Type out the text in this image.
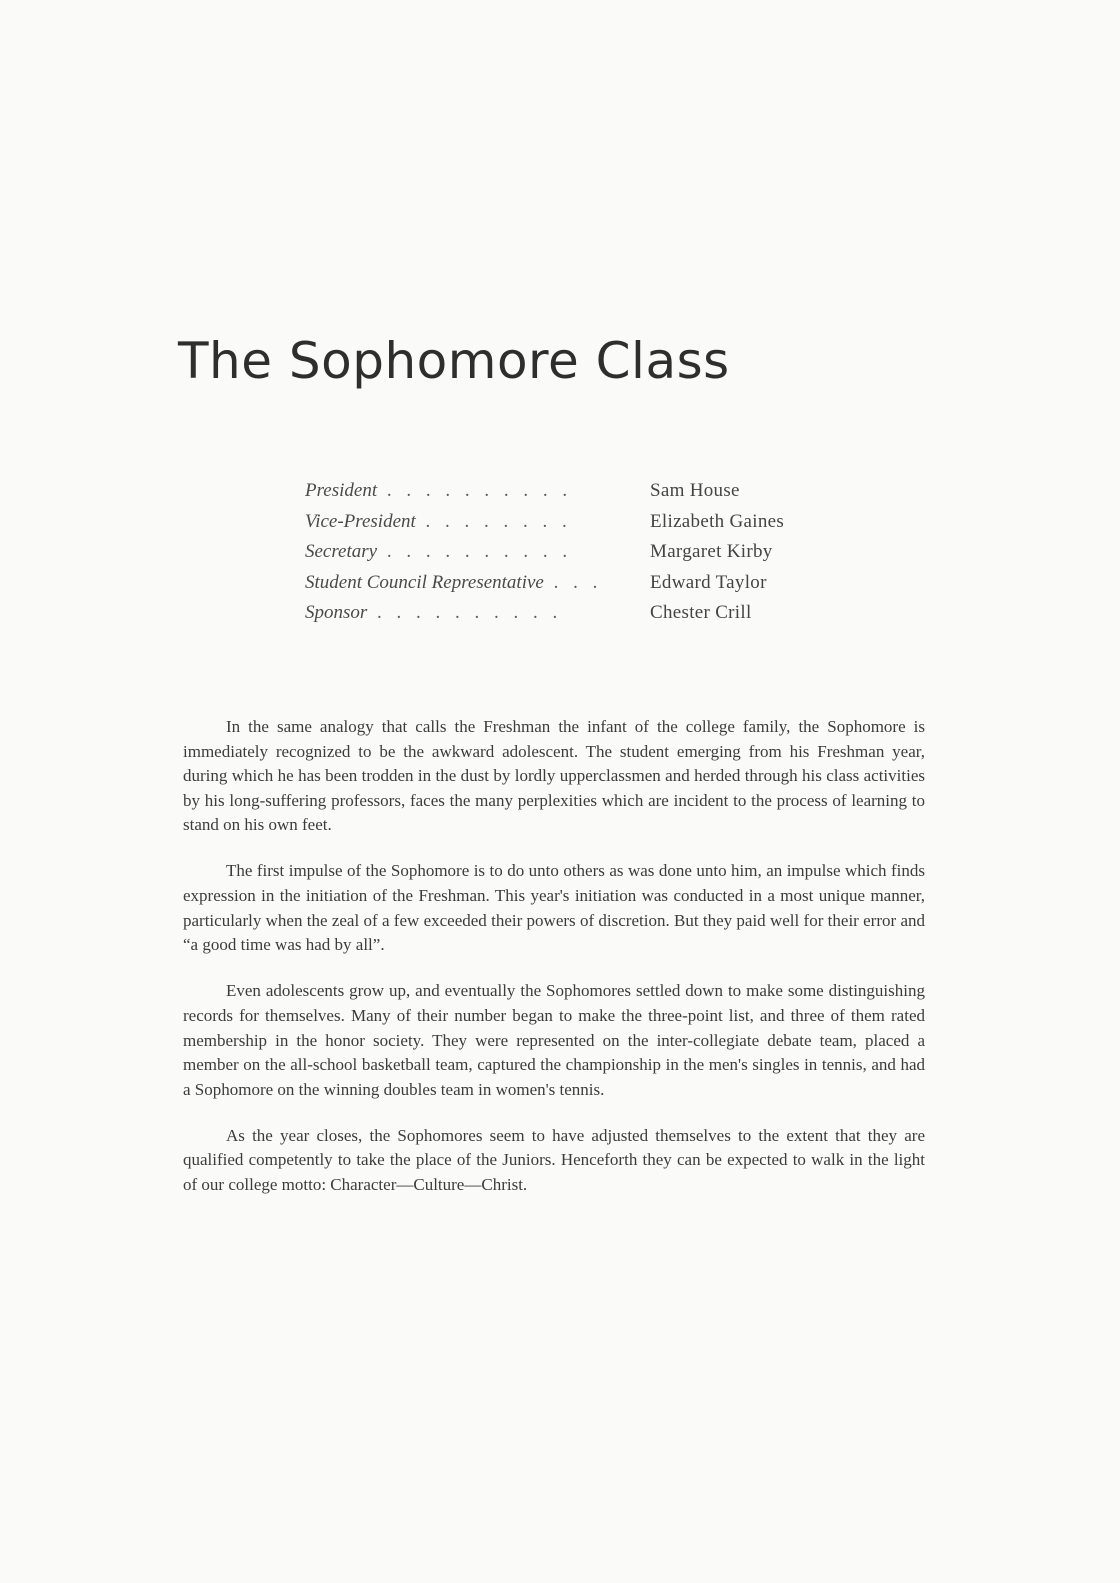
The Sophomore Class
President . . . . . . . . . .	Sam House
Vice-President . . . . . . . .	Elizabeth Gaines
Secretary . . . . . . . . . .	Margaret Kirby
Student Council Representative . . .	Edward Taylor
Sponsor . . . . . . . . . .	Chester Crill

In the same analogy that calls the Freshman the infant of the college family, the Sophomore is immediately recognized to be the awkward adolescent. The student emerging from his Freshman year, during which he has been trodden in the dust by lordly upperclassmen and herded through his class activities by his long-suffering professors, faces the many perplexities which are incident to the process of learning to stand on his own feet.

The first impulse of the Sophomore is to do unto others as was done unto him, an impulse which finds expression in the initiation of the Freshman. This year's initiation was conducted in a most unique manner, particularly when the zeal of a few exceeded their powers of discretion. But they paid well for their error and “a good time was had by all”.

Even adolescents grow up, and eventually the Sophomores settled down to make some distinguishing records for themselves. Many of their number began to make the three-point list, and three of them rated membership in the honor society. They were represented on the inter-collegiate debate team, placed a member on the all-school basketball team, captured the championship in the men's singles in tennis, and had a Sophomore on the winning doubles team in women's tennis.

As the year closes, the Sophomores seem to have adjusted themselves to the extent that they are qualified competently to take the place of the Juniors. Henceforth they can be expected to walk in the light of our college motto: Character—Culture—Christ.
